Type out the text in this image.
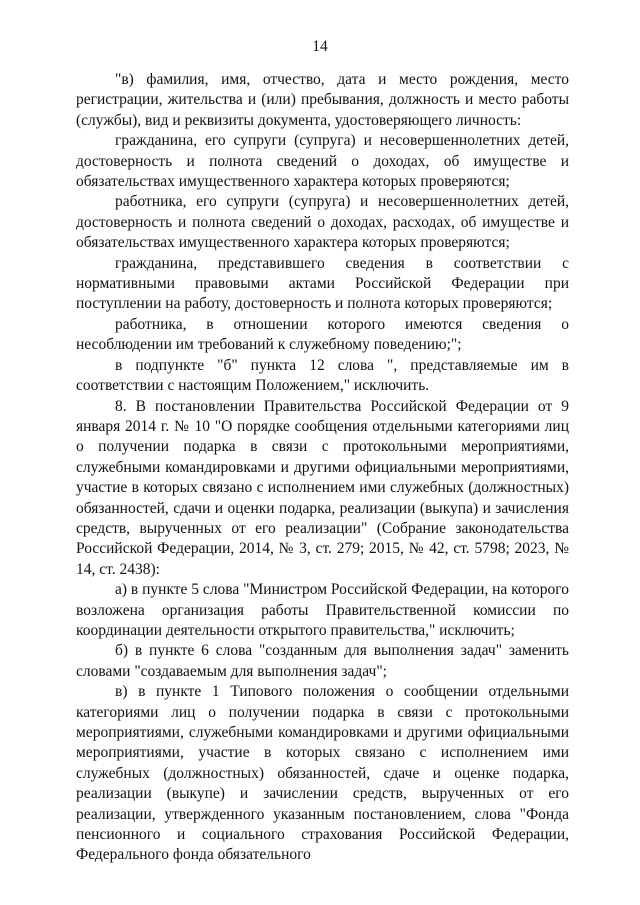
14

"в) фамилия, имя, отчество, дата и место рождения, место регистрации, жительства и (или) пребывания, должность и место работы (службы), вид и реквизиты документа, удостоверяющего личность:

гражданина, его супруги (супруга) и несовершеннолетних детей, достоверность и полнота сведений о доходах, об имуществе и обязательствах имущественного характера которых проверяются;

работника, его супруги (супруга) и несовершеннолетних детей, достоверность и полнота сведений о доходах, расходах, об имуществе и обязательствах имущественного характера которых проверяются;

гражданина, представившего сведения в соответствии с нормативными правовыми актами Российской Федерации при поступлении на работу, достоверность и полнота которых проверяются;

работника, в отношении которого имеются сведения о несоблюдении им требований к служебному поведению;";

в подпункте "б" пункта 12 слова ", представляемые им в соответствии с настоящим Положением," исключить.

8. В постановлении Правительства Российской Федерации от 9 января 2014 г. № 10 "О порядке сообщения отдельными категориями лиц о получении подарка в связи с протокольными мероприятиями, служебными командировками и другими официальными мероприятиями, участие в которых связано с исполнением ими служебных (должностных) обязанностей, сдачи и оценки подарка, реализации (выкупа) и зачисления средств, вырученных от его реализации" (Собрание законодательства Российской Федерации, 2014, № 3, ст. 279; 2015, № 42, ст. 5798; 2023, № 14, ст. 2438):

а) в пункте 5 слова "Министром Российской Федерации, на которого возложена организация работы Правительственной комиссии по координации деятельности открытого правительства," исключить;

б) в пункте 6 слова "созданным для выполнения задач" заменить словами "создаваемым для выполнения задач";

в) в пункте 1 Типового положения о сообщении отдельными категориями лиц о получении подарка в связи с протокольными мероприятиями, служебными командировками и другими официальными мероприятиями, участие в которых связано с исполнением ими служебных (должностных) обязанностей, сдаче и оценке подарка, реализации (выкупе) и зачислении средств, вырученных от его реализации, утвержденного указанным постановлением, слова "Фонда пенсионного и социального страхования Российской Федерации, Федерального фонда обязательного
